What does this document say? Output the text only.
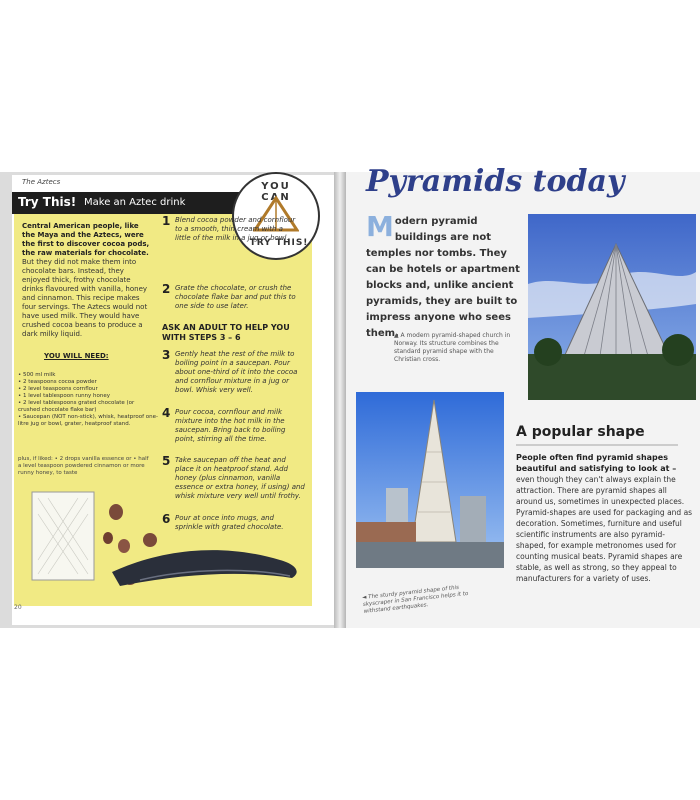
The Aztecs
Try This! Make an Aztec drink
YOU CAN
TRY THIS!
Central American people, like the Maya and the Aztecs, were the first to discover cocoa pods, the raw materials for chocolate. But they did not make them into chocolate bars. Instead, they enjoyed thick, frothy chocolate drinks flavoured with vanilla, honey and cinnamon. This recipe makes four servings. The Aztecs would not have used milk. They would have crushed cocoa beans to produce a dark milky liquid.
YOU WILL NEED:
• 500 ml milk
• 2 teaspoons cocoa powder
• 2 level teaspoons cornflour
• 1 level tablespoon runny honey
• 2 level tablespoons grated chocolate (or crushed chocolate flake bar)
• Saucepan (NOT non-stick), whisk, heatproof one-litre jug or bowl, grater, heatproof stand.
plus, if liked: • 2 drops vanilla essence or • half a level teaspoon powdered cinnamon or more runny honey, to taste
1 Blend cocoa powder and cornflour to a smooth, thin cream with a little of the milk in a jug or bowl.
2 Grate the chocolate, or crush the chocolate flake bar and put this to one side to use later.
ASK AN ADULT TO HELP YOU WITH STEPS 3 – 6
3 Gently heat the rest of the milk to boiling point in a saucepan. Pour about one-third of it into the cocoa and cornflour mixture in a jug or bowl. Whisk very well.
4 Pour cocoa, cornflour and milk mixture into the hot milk in the saucepan. Bring back to boiling point, stirring all the time.
5 Take saucepan off the heat and place it on heatproof stand. Add honey (plus cinnamon, vanilla essence or extra honey, if using) and whisk mixture very well until frothy.
6 Pour at once into mugs, and sprinkle with grated chocolate.
20
Pyramids today
Modern pyramid buildings are not temples nor tombs. They can be hotels or apartment blocks and, unlike ancient pyramids, they are built to impress anyone who sees them.
▲ A modern pyramid-shaped church in Norway. Its structure combines the standard pyramid shape with the Christian cross.
◄ The sturdy pyramid shape of this skyscraper in San Francisco helps it to withstand earthquakes.
A popular shape
People often find pyramid shapes beautiful and satisfying to look at – even though they can't always explain the attraction. There are pyramid shapes all around us, sometimes in unexpected places. Pyramid-shapes are used for packaging and as decoration. Sometimes, furniture and useful scientific instruments are also pyramid-shaped, for example metronomes used for counting musical beats. Pyramid shapes are stable, as well as strong, so they appeal to manufacturers for a variety of uses.
